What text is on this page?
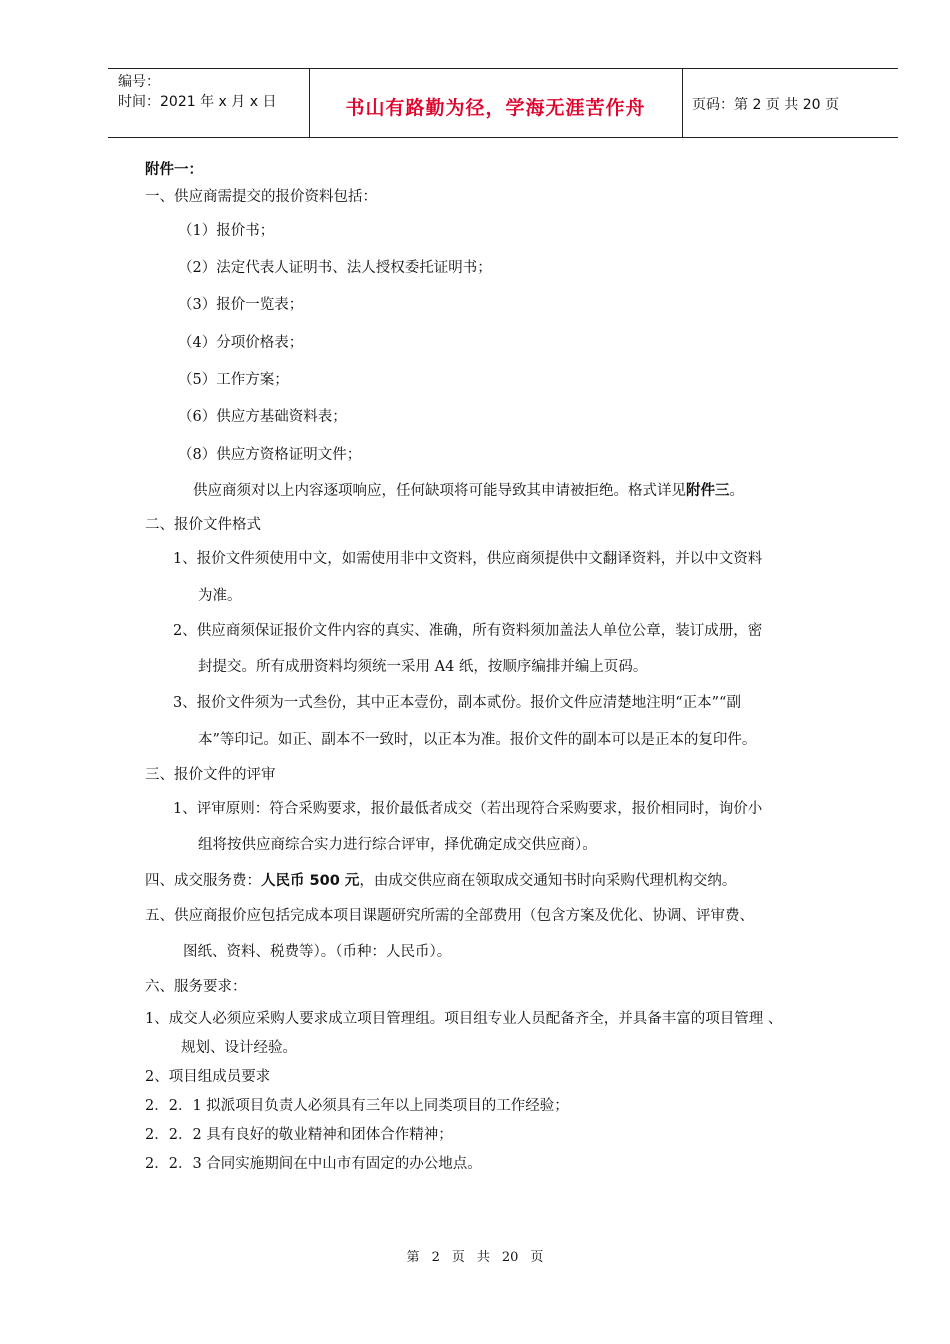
编号：
时间：2021 年 x 月 x 日	书山有路勤为径，学海无涯苦作舟	页码：第 2 页 共 20 页
附件一：
一、供应商需提交的报价资料包括：
（1）报价书；
（2）法定代表人证明书、法人授权委托证明书；
（3）报价一览表；
（4）分项价格表；
（5）工作方案；
（6）供应方基础资料表；
（8）供应方资格证明文件；
供应商须对以上内容逐项响应，任何缺项将可能导致其申请被拒绝。格式详见附件三。
二、报价文件格式
1、报价文件须使用中文，如需使用非中文资料，供应商须提供中文翻译资料，并以中文资料
为准。
2、供应商须保证报价文件内容的真实、准确，所有资料须加盖法人单位公章，装订成册，密
封提交。所有成册资料均须统一采用 A4 纸，按顺序编排并编上页码。
3、报价文件须为一式叁份，其中正本壹份，副本贰份。报价文件应清楚地注明“正本”“副
本”等印记。如正、副本不一致时，以正本为准。报价文件的副本可以是正本的复印件。
三、报价文件的评审
1、评审原则：符合采购要求，报价最低者成交（若出现符合采购要求，报价相同时，询价小
组将按供应商综合实力进行综合评审，择优确定成交供应商）。
四、成交服务费：人民币 500 元，由成交供应商在领取成交通知书时向采购代理机构交纳。
五、供应商报价应包括完成本项目课题研究所需的全部费用（包含方案及优化、协调、评审费、
图纸、资料、税费等）。（币种：人民币）。
六、服务要求：
1、成交人必须应采购人要求成立项目管理组。项目组专业人员配备齐全，并具备丰富的项目管理 、
规划、设计经验。
2、项目组成员要求
2．2．1 拟派项目负责人必须具有三年以上同类项目的工作经验；
2．2．2 具有良好的敬业精神和团体合作精神；
2．2．3 合同实施期间在中山市有固定的办公地点。
第 2 页 共 20 页
